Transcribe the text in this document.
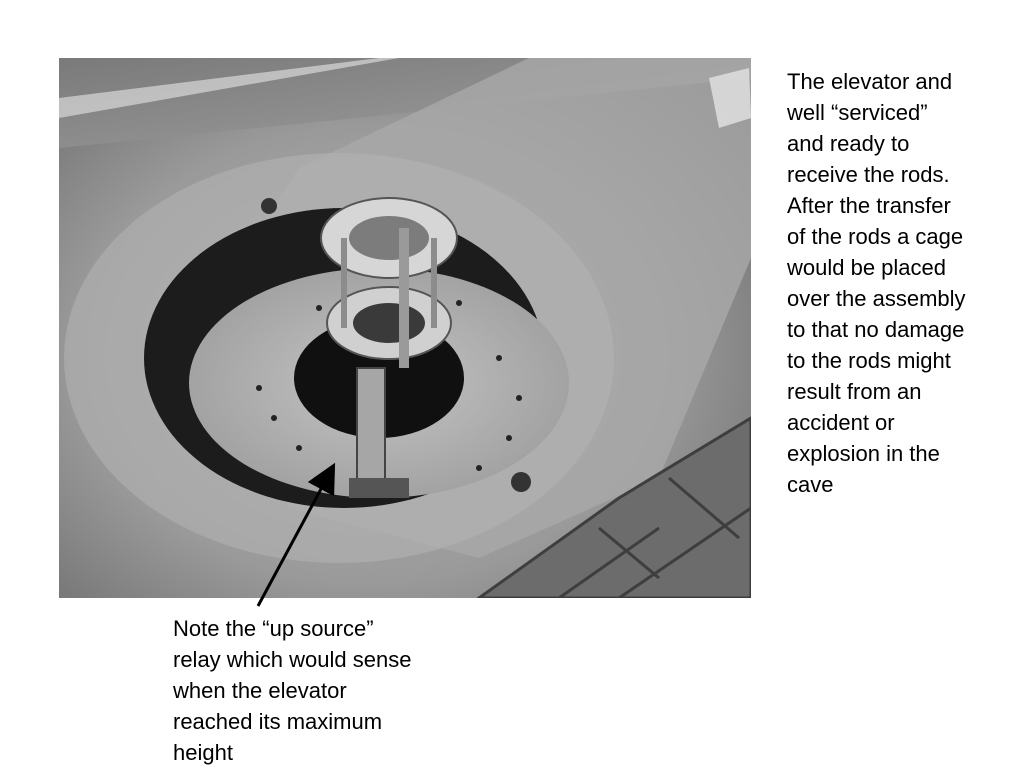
The elevator and
well “serviced”
and ready to
receive the rods.
After the transfer
of the rods a cage
would be placed
over the assembly
to that no damage
to the rods might
result from an
accident or
explosion in the
cave
Note the “up source”
relay which would sense
when the elevator
reached its maximum
height
